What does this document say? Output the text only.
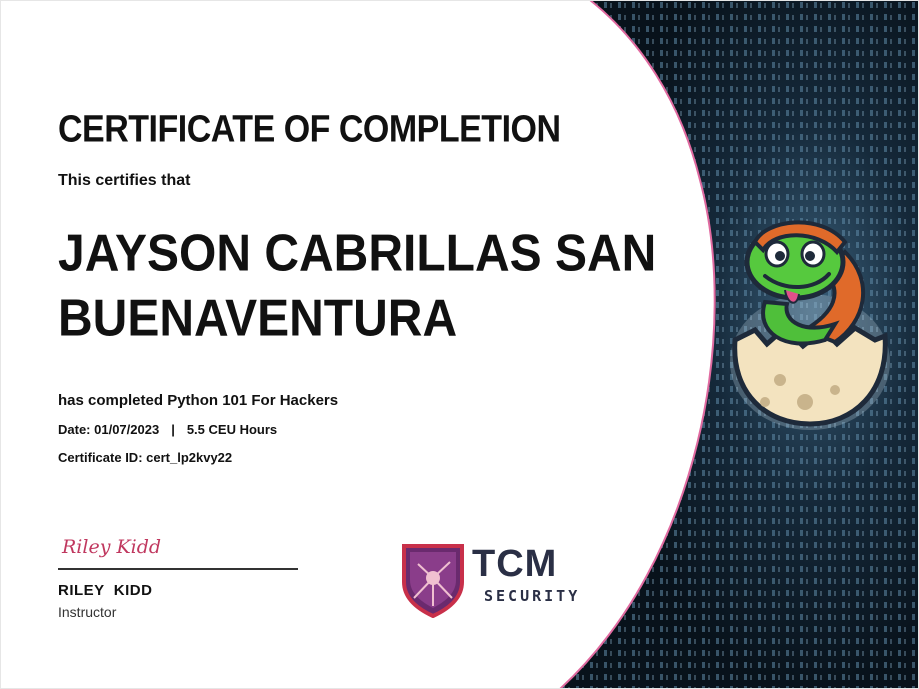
CERTIFICATE OF COMPLETION
This certifies that
JAYSON CABRILLAS SAN BUENAVENTURA
has completed Python 101 For Hackers
Date: 01/07/2023 | 5.5 CEU Hours
Certificate ID: cert_lp2kvy22
Riley Kidd
RILEY  KIDD
Instructor
TCM
SECURITY
